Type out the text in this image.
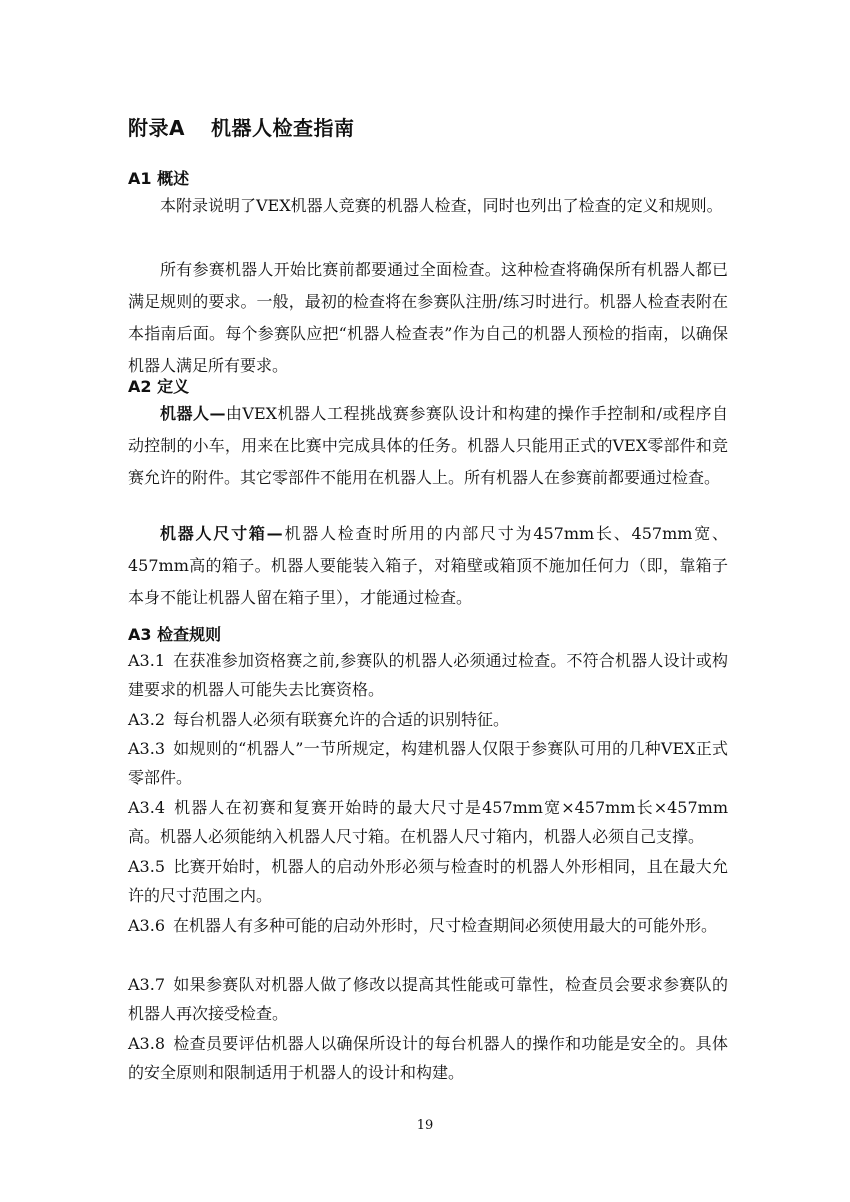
附录A 机器人检查指南
A1 概述

本附录说明了VEX机器人竞赛的机器人检查，同时也列出了检查的定义和规则。

所有参赛机器人开始比赛前都要通过全面检查。这种检查将确保所有机器人都已满足规则的要求。一般，最初的检查将在参赛队注册/练习时进行。机器人检查表附在本指南后面。每个参赛队应把“机器人检查表”作为自己的机器人预检的指南，以确保机器人满足所有要求。

A2 定义

机器人—由VEX机器人工程挑战赛参赛队设计和构建的操作手控制和/或程序自动控制的小车，用来在比赛中完成具体的任务。机器人只能用正式的VEX零部件和竞赛允许的附件。其它零部件不能用在机器人上。所有机器人在参赛前都要通过检查。

机器人尺寸箱—机器人检查时所用的内部尺寸为457mm长、457mm宽、457mm高的箱子。机器人要能装入箱子，对箱壁或箱顶不施加任何力（即，靠箱子本身不能让机器人留在箱子里），才能通过检查。

A3 检查规则

A3.1 在获准参加资格赛之前,参赛队的机器人必须通过检查。不符合机器人设计或构建要求的机器人可能失去比赛资格。

A3.2 每台机器人必须有联赛允许的合适的识别特征。

A3.3 如规则的“机器人”一节所规定，构建机器人仅限于参赛队可用的几种VEX正式零部件。

A3.4 机器人在初赛和复赛开始時的最大尺寸是457mm宽×457mm长×457mm高。机器人必须能纳入机器人尺寸箱。在机器人尺寸箱内，机器人必须自己支撑。

A3.5 比赛开始时，机器人的启动外形必须与检查时的机器人外形相同，且在最大允许的尺寸范围之内。

A3.6 在机器人有多种可能的启动外形时，尺寸检查期间必须使用最大的可能外形。

A3.7 如果参赛队对机器人做了修改以提高其性能或可靠性，检查员会要求参赛队的机器人再次接受检查。

A3.8 检查员要评估机器人以确保所设计的每台机器人的操作和功能是安全的。具体的安全原则和限制适用于机器人的设计和构建。

19
